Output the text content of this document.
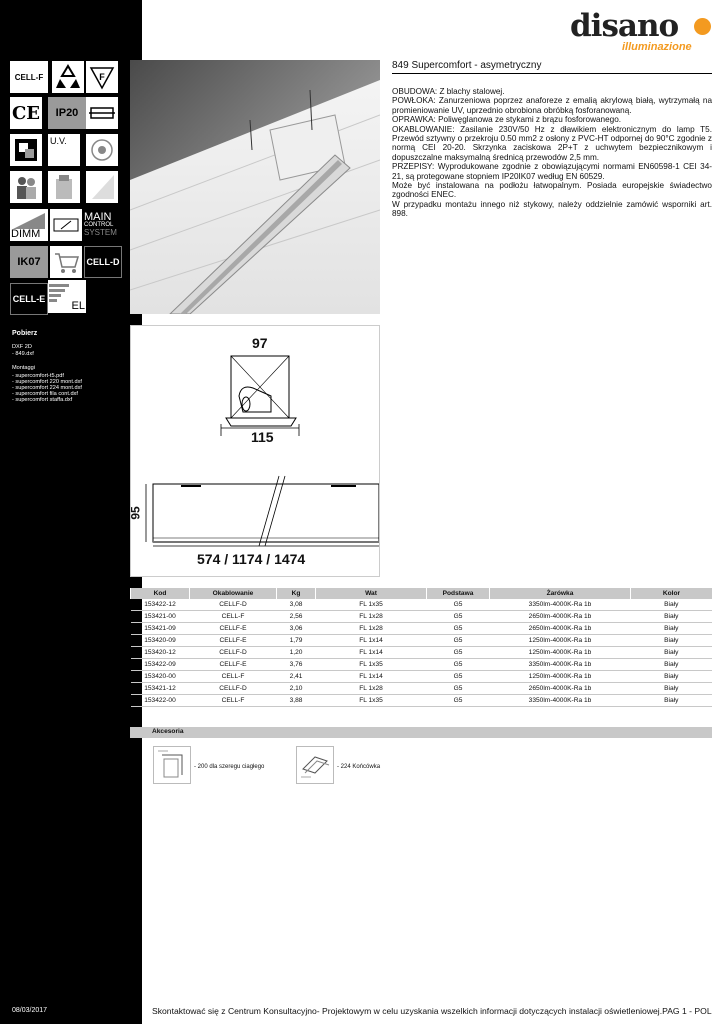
CELL-F	F
CE IP20
U.V.
DIMM
MAIN
CONTROL
SYSTEM
IK07	CELL-D
CELL-E
EL
Pobierz
DXF 2D
- 849.dxf
Montaggi
- supercomfort-t5.pdf
- supercomfort 220 mont.dxf
- supercomfort 224 mont.dxf
- supercomfort fila cont.dxf
- supercomfort staffa.dxf
08/03/2017
disano
illuminazione
849 Supercomfort - asymetryczny

OBUDOWA: Z blachy stalowej.

POWŁOKA: Zanurzeniowa poprzez anaforeze z emalią akrylową białą, wytrzymałą na promieniowanie UV, uprzednio obrobiona obróbką fosforanowaną.

OPRAWKA: Poliwęglanowa ze stykami z brązu fosforowanego.

OKABLOWANIE: Zasilanie 230V/50 Hz z dławikiem elektronicznym do lamp T5. Przewód sztywny o przekroju 0.50 mm2 z osłony z PVC-HT odpornej do 90°C zgodnie z normą CEI 20-20. Skrzynka zaciskowa 2P+T z uchwytem bezpiecznikowym i dopuszczalne maksymalną średnicą przewodów 2,5 mm.

PRZEPISY: Wyprodukowane zgodnie z obowiązującymi normami EN60598-1 CEI 34-21, są protegowane stopniem IP20IK07 według EN 60529.

Może być instalowana na podłożu łatwopalnym. Posiada europejskie świadectwo zgodności ENEC.

W przypadku montażu innego niż stykowy, należy oddzielnie zamówić wsporniki art. 898.

97
115
95
574 / 1174 / 1474
Kod	Okablowanie	Kg	Wat	Podstawa	Żarówka	Kolor
153422-12	CELLF-D	3,08	FL 1x35	G5	3350lm-4000K-Ra 1b	Biały
153421-00	CELL-F	2,56	FL 1x28	G5	2650lm-4000K-Ra 1b	Biały
153421-09	CELLF-E	3,06	FL 1x28	G5	2650lm-4000K-Ra 1b	Biały
153420-09	CELLF-E	1,79	FL 1x14	G5	1250lm-4000K-Ra 1b	Biały
153420-12	CELLF-D	1,20	FL 1x14	G5	1250lm-4000K-Ra 1b	Biały
153422-09	CELLF-E	3,76	FL 1x35	G5	3350lm-4000K-Ra 1b	Biały
153420-00	CELL-F	2,41	FL 1x14	G5	1250lm-4000K-Ra 1b	Biały
153421-12	CELLF-D	2,10	FL 1x28	G5	2650lm-4000K-Ra 1b	Biały
153422-00	CELL-F	3,88	FL 1x35	G5	3350lm-4000K-Ra 1b	Biały
Akcesoria
- 200 dla szeregu ciagłego	- 224 Końcówka
Skontaktować się z Centrum Konsultacyjno- Projektowym w celu uzyskania wszelkich informacji dotyczących instalacji oświetleniowej.PAG 1 - POL
